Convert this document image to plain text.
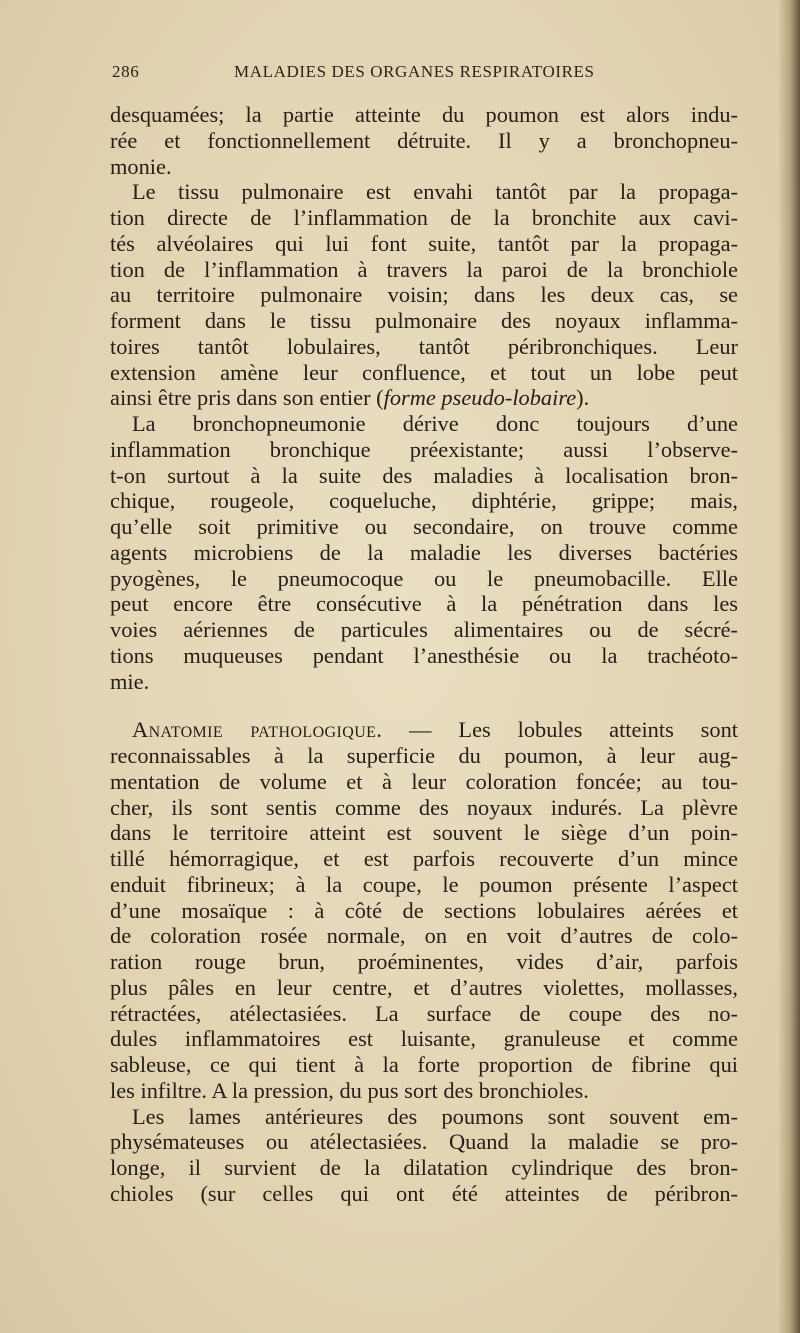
286	MALADIES DES ORGANES RESPIRATOIRES
desquamées; la partie atteinte du poumon est alors indu-
rée et fonctionnellement détruite. Il y a bronchopneu-
monie.
Le tissu pulmonaire est envahi tantôt par la propaga-
tion directe de l’inflammation de la bronchite aux cavi-
tés alvéolaires qui lui font suite, tantôt par la propaga-
tion de l’inflammation à travers la paroi de la bronchiole
au territoire pulmonaire voisin; dans les deux cas, se
forment dans le tissu pulmonaire des noyaux inflamma-
toires tantôt lobulaires, tantôt péribronchiques. Leur
extension amène leur confluence, et tout un lobe peut
ainsi être pris dans son entier (forme pseudo-lobaire).
La bronchopneumonie dérive donc toujours d’une
inflammation bronchique préexistante; aussi l’observe-
t-on surtout à la suite des maladies à localisation bron-
chique, rougeole, coqueluche, diphtérie, grippe; mais,
qu’elle soit primitive ou secondaire, on trouve comme
agents microbiens de la maladie les diverses bactéries
pyogènes, le pneumocoque ou le pneumobacille. Elle
peut encore être consécutive à la pénétration dans les
voies aériennes de particules alimentaires ou de sécré-
tions muqueuses pendant l’anesthésie ou la trachéoto-
mie.
Anatomie pathologique. — Les lobules atteints sont
reconnaissables à la superficie du poumon, à leur aug-
mentation de volume et à leur coloration foncée; au tou-
cher, ils sont sentis comme des noyaux indurés. La plèvre
dans le territoire atteint est souvent le siège d’un poin-
tillé hémorragique, et est parfois recouverte d’un mince
enduit fibrineux; à la coupe, le poumon présente l’aspect
d’une mosaïque : à côté de sections lobulaires aérées et
de coloration rosée normale, on en voit d’autres de colo-
ration rouge brun, proéminentes, vides d’air, parfois
plus pâles en leur centre, et d’autres violettes, mollasses,
rétractées, atélectasiées. La surface de coupe des no-
dules inflammatoires est luisante, granuleuse et comme
sableuse, ce qui tient à la forte proportion de fibrine qui
les infiltre. A la pression, du pus sort des bronchioles.
Les lames antérieures des poumons sont souvent em-
physémateuses ou atélectasiées. Quand la maladie se pro-
longe, il survient de la dilatation cylindrique des bron-
chioles (sur celles qui ont été atteintes de péribron-
